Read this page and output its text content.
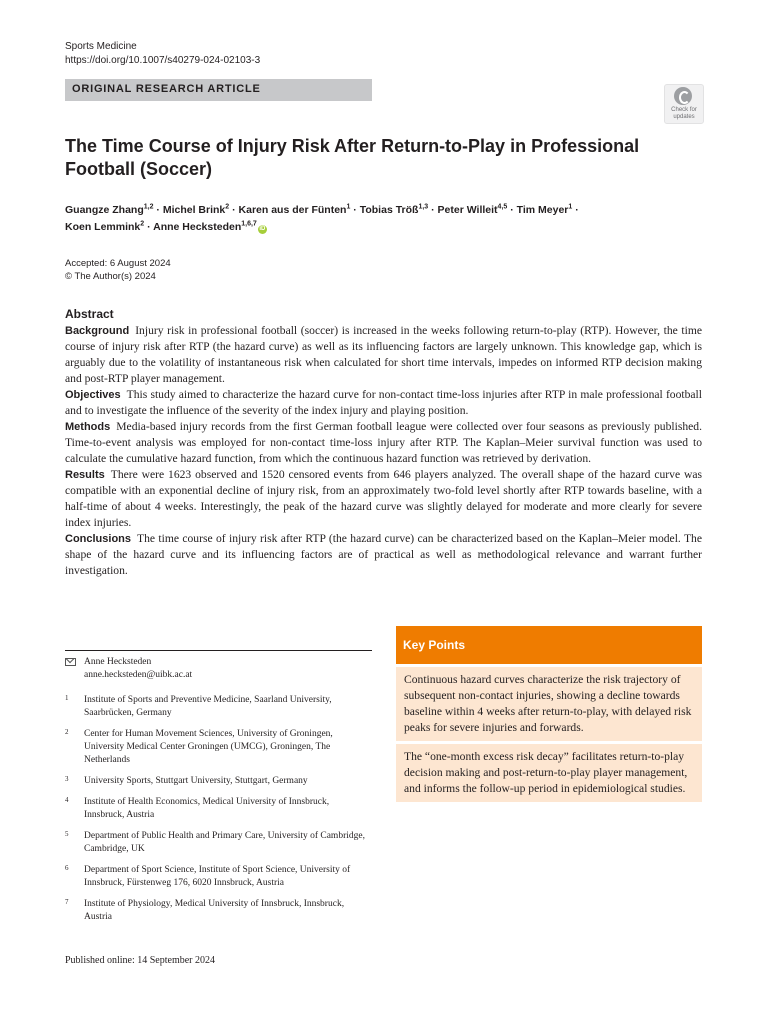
Sports Medicine
https://doi.org/10.1007/s40279-024-02103-3
ORIGINAL RESEARCH ARTICLE
Check for
updates
The Time Course of Injury Risk After Return-to-Play in Professional Football (Soccer)
Guangze Zhang$^{1,2}$ · Michel Brink$^2$ · Karen aus der Fünten$^1$ · Tobias Tröß$^{1,3}$ · Peter Willeit$^{4,5}$ · Tim Meyer$^1$ ·
Koen Lemmink$^2$ · Anne Hecksteden$^{1,6,7}$iD
Accepted: 6 August 2024
© The Author(s) 2024
Abstract

Background Injury risk in professional football (soccer) is increased in the weeks following return-to-play (RTP). However, the time course of injury risk after RTP (the hazard curve) as well as its influencing factors are largely unknown. This knowledge gap, which is arguably due to the volatility of instantaneous risk when calculated for short time intervals, impedes on informed RTP decision making and post-RTP player management.

Objectives This study aimed to characterize the hazard curve for non-contact time-loss injuries after RTP in male professional football and to investigate the influence of the severity of the index injury and playing position.

Methods Media-based injury records from the first German football league were collected over four seasons as previously published. Time-to-event analysis was employed for non-contact time-loss injury after RTP. The Kaplan–Meier survival function was used to calculate the cumulative hazard function, from which the continuous hazard function was retrieved by derivation.

Results There were 1623 observed and 1520 censored events from 646 players analyzed. The overall shape of the hazard curve was compatible with an exponential decline of injury risk, from an approximately two-fold level shortly after RTP towards baseline, with a half-time of about 4 weeks. Interestingly, the peak of the hazard curve was slightly delayed for moderate and more clearly for severe index injuries.

Conclusions The time course of injury risk after RTP (the hazard curve) can be characterized based on the Kaplan–Meier model. The shape of the hazard curve and its influencing factors are of practical as well as methodological relevance and warrant further investigation.

Anne Hecksteden
anne.hecksteden@uibk.ac.at
1 Institute of Sports and Preventive Medicine, Saarland University, Saarbrücken, Germany
2 Center for Human Movement Sciences, University of Groningen, University Medical Center Groningen (UMCG), Groningen, The Netherlands
3 University Sports, Stuttgart University, Stuttgart, Germany
4 Institute of Health Economics, Medical University of Innsbruck, Innsbruck, Austria
5 Department of Public Health and Primary Care, University of Cambridge, Cambridge, UK
6 Department of Sport Science, Institute of Sport Science, University of Innsbruck, Fürstenweg 176, 6020 Innsbruck, Austria
7 Institute of Physiology, Medical University of Innsbruck, Innsbruck, Austria
Key Points
Continuous hazard curves characterize the risk trajectory of subsequent non-contact injuries, showing a decline towards baseline within 4 weeks after return-to-play, with delayed risk peaks for severe injuries and forwards.
The “one-month excess risk decay” facilitates return-to-play decision making and post-return-to-play player management, and informs the follow-up period in epidemiological studies.
Published online: 14 September 2024
